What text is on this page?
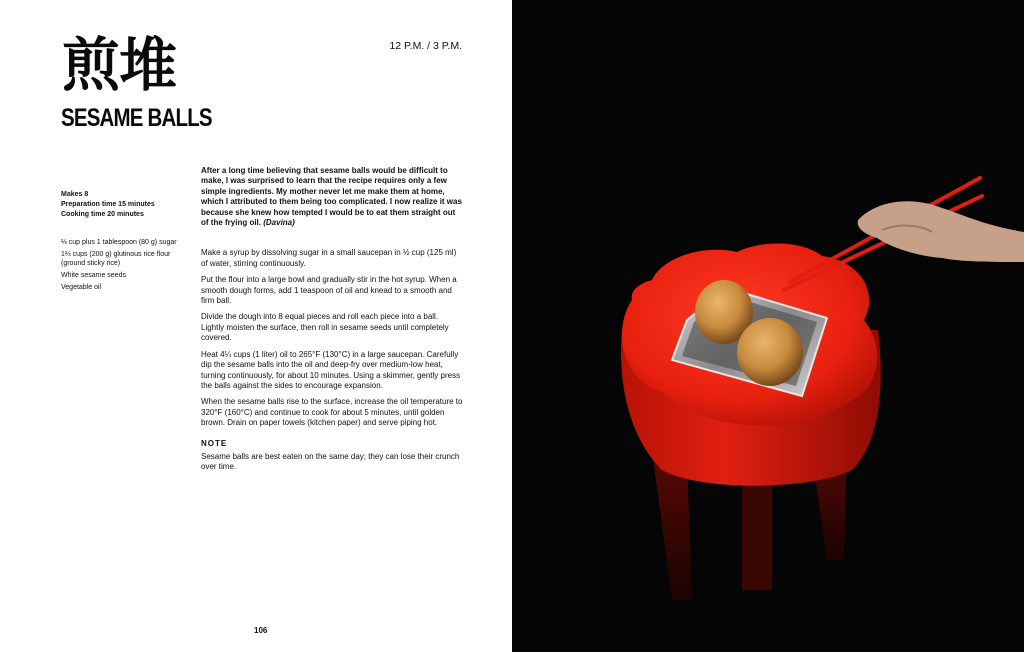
煎堆
SESAME BALLS
12 P.M. / 3 P.M.
Makes 8
Preparation time 15 minutes
Cooking time 20 minutes
⅔ cup plus 1 tablespoon (80 g) sugar
1⅔ cups (200 g) glutinous rice flour (ground sticky rice)
White sesame seeds
Vegetable oil

After a long time believing that sesame balls would be difficult to make, I was surprised to learn that the recipe requires only a few simple ingredients. My mother never let me make them at home, which I attributed to them being too complicated. I now realize it was because she knew how tempted I would be to eat them straight out of the frying oil. (Davina)

Make a syrup by dissolving sugar in a small saucepan in ½ cup (125 ml) of water, stirring continuously.

Put the flour into a large bowl and gradually stir in the hot syrup. When a smooth dough forms, add 1 teaspoon of oil and knead to a smooth and firm ball.

Divide the dough into 8 equal pieces and roll each piece into a ball. Lightly moisten the surface, then roll in sesame seeds until completely covered.

Heat 4¼ cups (1 liter) oil to 265°F (130°C) in a large saucepan. Carefully dip the sesame balls into the oil and deep-fry over medium-low heat, turning continuously, for about 10 minutes. Using a skimmer, gently press the balls against the sides to encourage expansion.

When the sesame balls rise to the surface, increase the oil temperature to 320°F (160°C) and continue to cook for about 5 minutes, until golden brown. Drain on paper towels (kitchen paper) and serve piping hot.

NOTE

Sesame balls are best eaten on the same day; they can lose their crunch over time.

106
